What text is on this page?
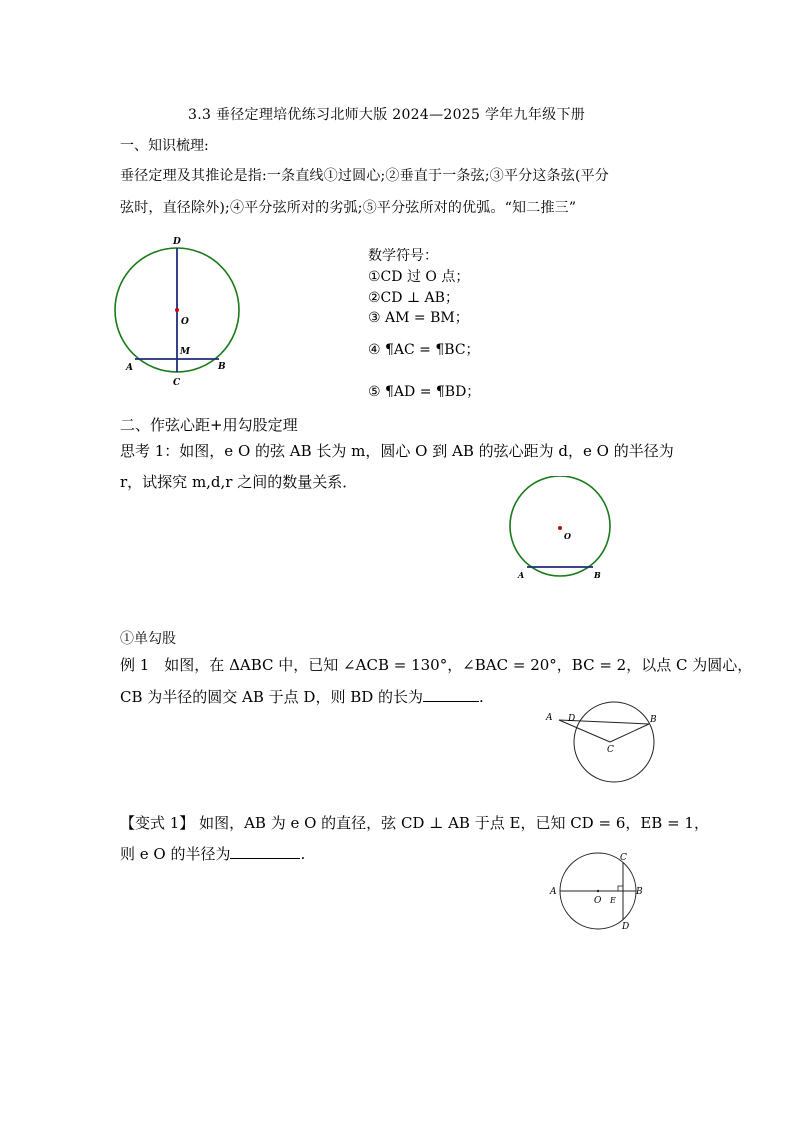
3.3 垂径定理培优练习北师大版 2024—2025 学年九年级下册
一、知识梳理:
垂径定理及其推论是指:一条直线①过圆心;②垂直于一条弦;③平分这条弦(平分
弦时，直径除外);④平分弦所对的劣弧;⑤平分弦所对的优弧。“知二推三”
D
O
M
A	B
C
数学符号：
①CD 过 O 点；
②CD ⊥ AB；
③ AM = BM；
④ ¶AC = ¶BC；
⑤ ¶AD = ¶BD；
二、作弦心距+用勾股定理
思考 1：如图，e O 的弦 AB 长为 m，圆心 O 到 AB 的弦心距为 d，e O 的半径为
r，试探究 m,d,r 之间的数量关系．
O
A	B
①单勾股
例 1　如图，在 ΔABC 中，已知 ∠ACB = 130°，∠BAC = 20°，BC = 2，以点 C 为圆心，
CB 为半径的圆交 AB 于点 D，则 BD 的长为	.
A D	B
C
【变式 1】 如图，AB 为 e O 的直径，弦 CD ⊥ AB 于点 E，已知 CD = 6，EB = 1，
则 e O 的半径为	.	C
A
O E
B
D
